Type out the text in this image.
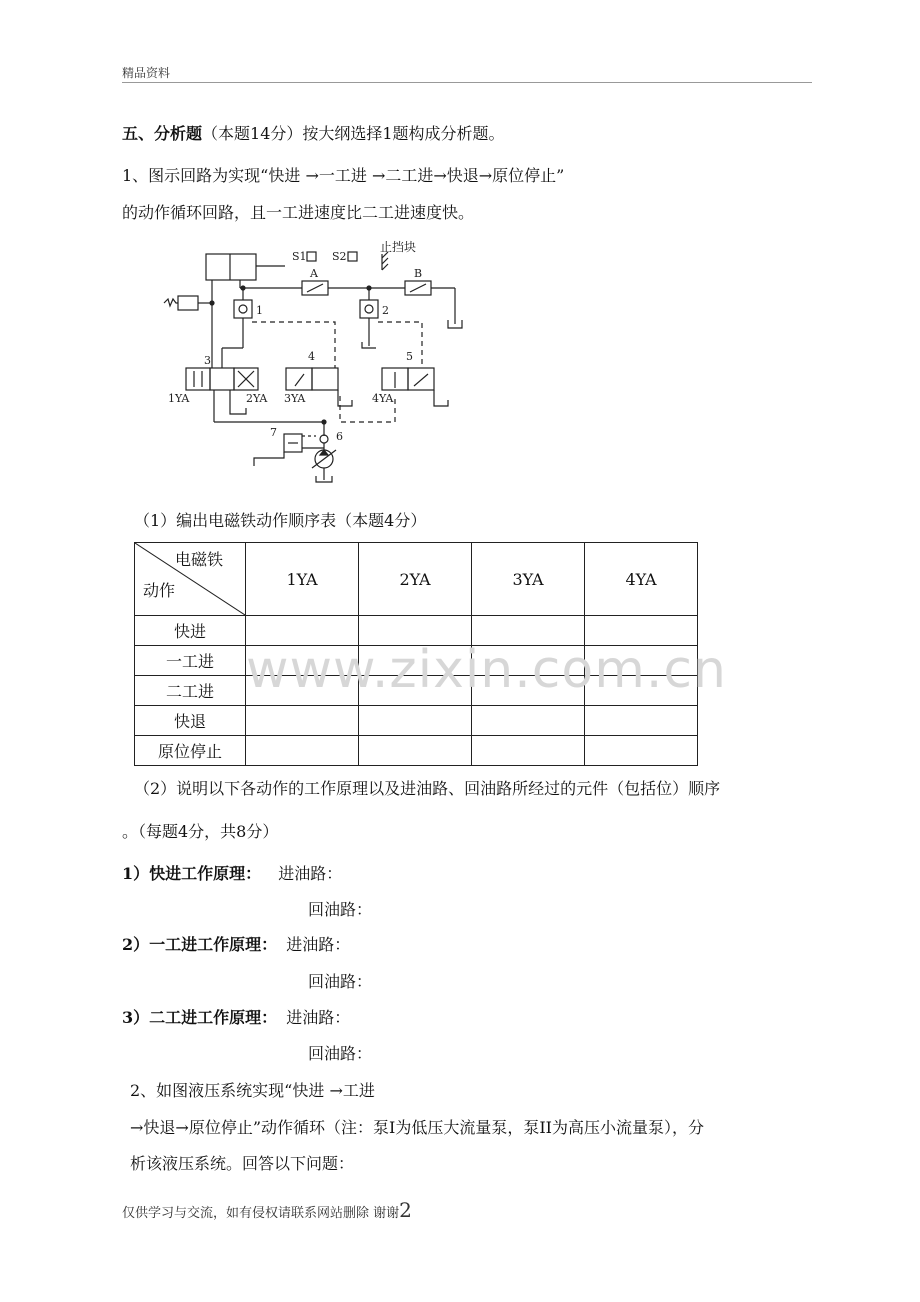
精品资料
五、分析题（本题14分）按大纲选择1题构成分析题。
1、图示回路为实现“快进 →一工进 →二工进→快退→原位停止”
的动作循环回路，且一工进速度比二工进速度快。
S1 S2
止挡块
A	B
1	2
3
1YA	2YA
4
3YA
5
4YA
7	6
（1）编出电磁铁动作顺序表（本题4分）
电磁铁
动作	1YA	2YA	3YA	4YA
快进				
一工进				
二工进				
快退				
原位停止				
www.zixin.com.cn
（2）说明以下各动作的工作原理以及进油路、回油路所经过的元件（包括位）顺序
。（每题4分，共8分）
1）快进工作原理： 进油路：
回油路：
2）一工进工作原理： 进油路：
回油路：
3）二工进工作原理： 进油路：
回油路：
2、如图液压系统实现“快进 →工进
→快退→原位停止”动作循环（注：泵I为低压大流量泵，泵II为高压小流量泵），分
析该液压系统。回答以下问题：
仅供学习与交流，如有侵权请联系网站删除 谢谢2
